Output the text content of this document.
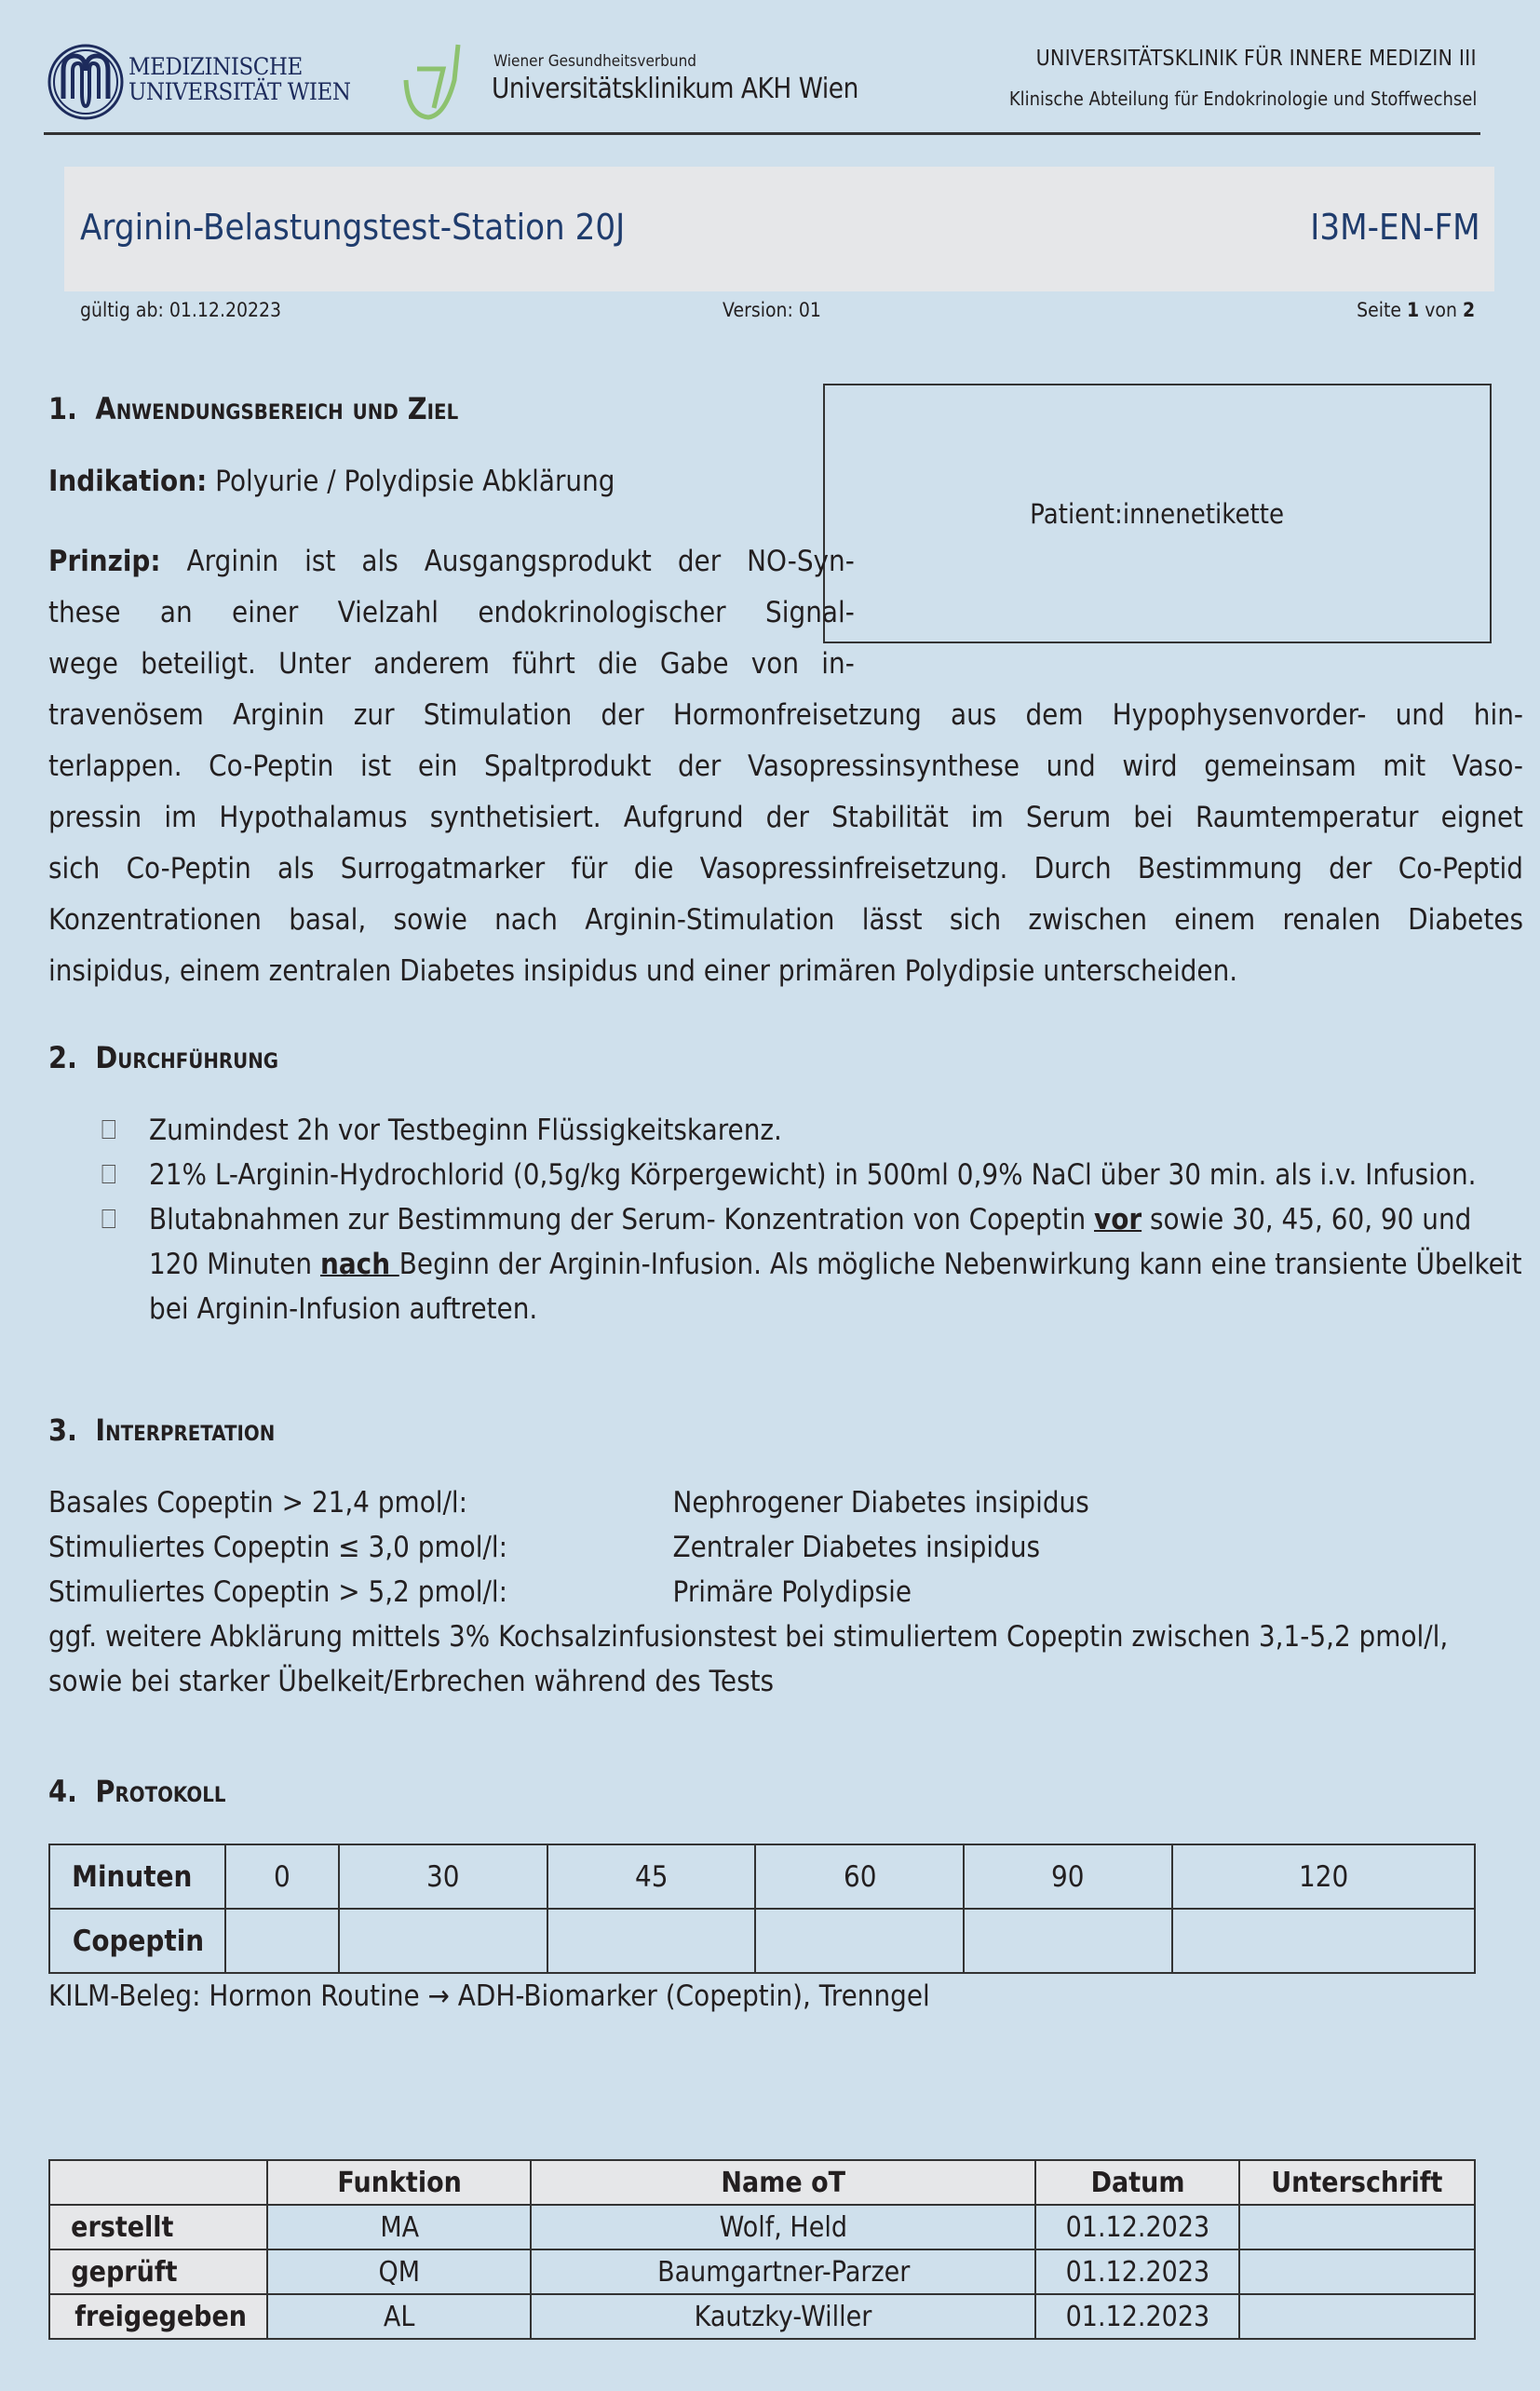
MEDIZINISCHE
UNIVERSITÄT WIEN
Wiener Gesundheitsverbund
Universitätsklinikum AKH Wien
UNIVERSITÄTSKLINIK FÜR INNERE MEDIZIN III
Klinische Abteilung für Endokrinologie und Stoffwechsel
Arginin-Belastungstest-Station 20J	I3M-EN-FM
gültig ab: 01.12.20223	Version: 01	Seite 1 von 2
Patient:innenetikette
1. Anwendungsbereich und Ziel
Indikation: Polyurie / Polydipsie Abklärung
Prinzip: Arginin ist als Ausgangsprodukt der NO-Syn-
these an einer Vielzahl endokrinologischer Signal-
wege beteiligt. Unter anderem führt die Gabe von in-
travenösem Arginin zur Stimulation der Hormonfreisetzung aus dem Hypophysenvorder- und hin-
terlappen. Co-Peptin ist ein Spaltprodukt der Vasopressinsynthese und wird gemeinsam mit Vaso-
pressin im Hypothalamus synthetisiert. Aufgrund der Stabilität im Serum bei Raumtemperatur eignet
sich Co-Peptin als Surrogatmarker für die Vasopressinfreisetzung. Durch Bestimmung der Co-Peptid
Konzentrationen basal, sowie nach Arginin-Stimulation lässt sich zwischen einem renalen Diabetes
insipidus, einem zentralen Diabetes insipidus und einer primären Polydipsie unterscheiden.
2. Durchführung
Zumindest 2h vor Testbeginn Flüssigkeitskarenz.
21% L-Arginin-Hydrochlorid (0,5g/kg Körpergewicht) in 500ml 0,9% NaCl über 30 min. als i.v. Infusion.
Blutabnahmen zur Bestimmung der Serum- Konzentration von Copeptin vor sowie 30, 45, 60, 90 und 120 Minuten nach Beginn der Arginin-Infusion. Als mögliche Nebenwirkung kann eine transiente Übelkeit bei Arginin-Infusion auftreten.
3. Interpretation
Basales Copeptin > 21,4 pmol/l:	Nephrogener Diabetes insipidus
Stimuliertes Copeptin ≤ 3,0 pmol/l:	Zentraler Diabetes insipidus
Stimuliertes Copeptin > 5,2 pmol/l:	Primäre Polydipsie
ggf. weitere Abklärung mittels 3% Kochsalzinfusionstest bei stimuliertem Copeptin zwischen 3,1-5,2 pmol/l, sowie bei starker Übelkeit/Erbrechen während des Tests
4. Protokoll
Minuten	0	30	45	60	90	120
Copeptin						
KILM-Beleg: Hormon Routine → ADH-Biomarker (Copeptin), Trenngel
	Funktion	Name oT	Datum	Unterschrift
erstellt	MA	Wolf, Held	01.12.2023	
geprüft	QM	Baumgartner-Parzer	01.12.2023	
freigegeben	AL	Kautzky-Willer	01.12.2023	
